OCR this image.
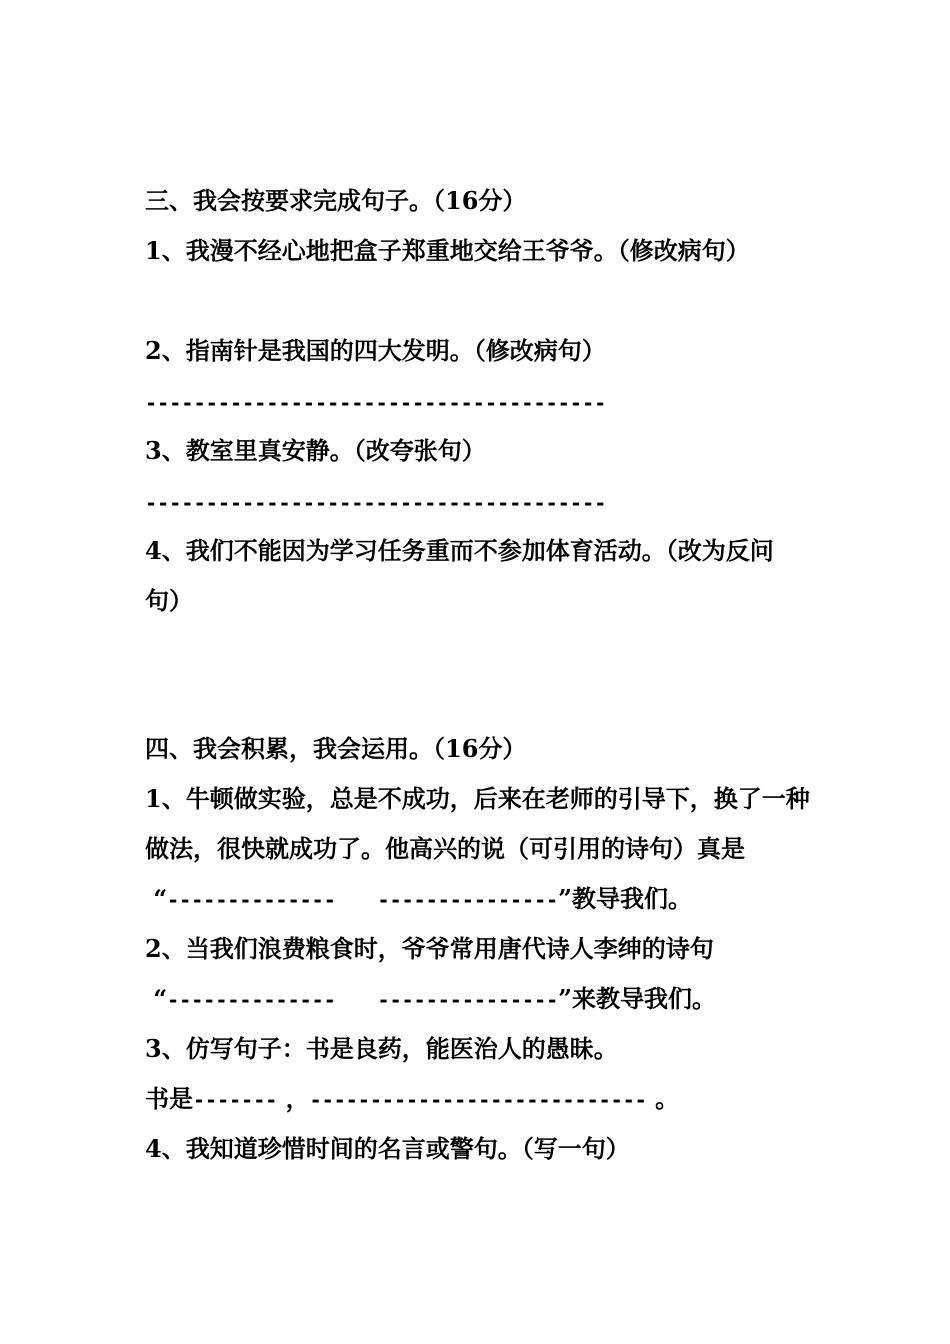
三、我会按要求完成句子。（16分）
1、我漫不经心地把盒子郑重地交给王爷爷。（修改病句）
2、指南针是我国的四大发明。（修改病句）
--------------------------------------
3、教室里真安静。（改夸张句）
--------------------------------------
4、我们不能因为学习任务重而不参加体育活动。（改为反问
句）
四、我会积累，我会运用。（16分）
1、牛顿做实验，总是不成功，后来在老师的引导下，换了一种
做法，很快就成功了。他高兴的说（可引用的诗句）真是
“-------------- ---------------”教导我们。
2、当我们浪费粮食时，爷爷常用唐代诗人李绅的诗句
“-------------- ---------------”来教导我们。
3、仿写句子：书是良药，能医治人的愚昧。
书是------- ，---------------------------- 。
4、我知道珍惜时间的名言或警句。（写一句）
